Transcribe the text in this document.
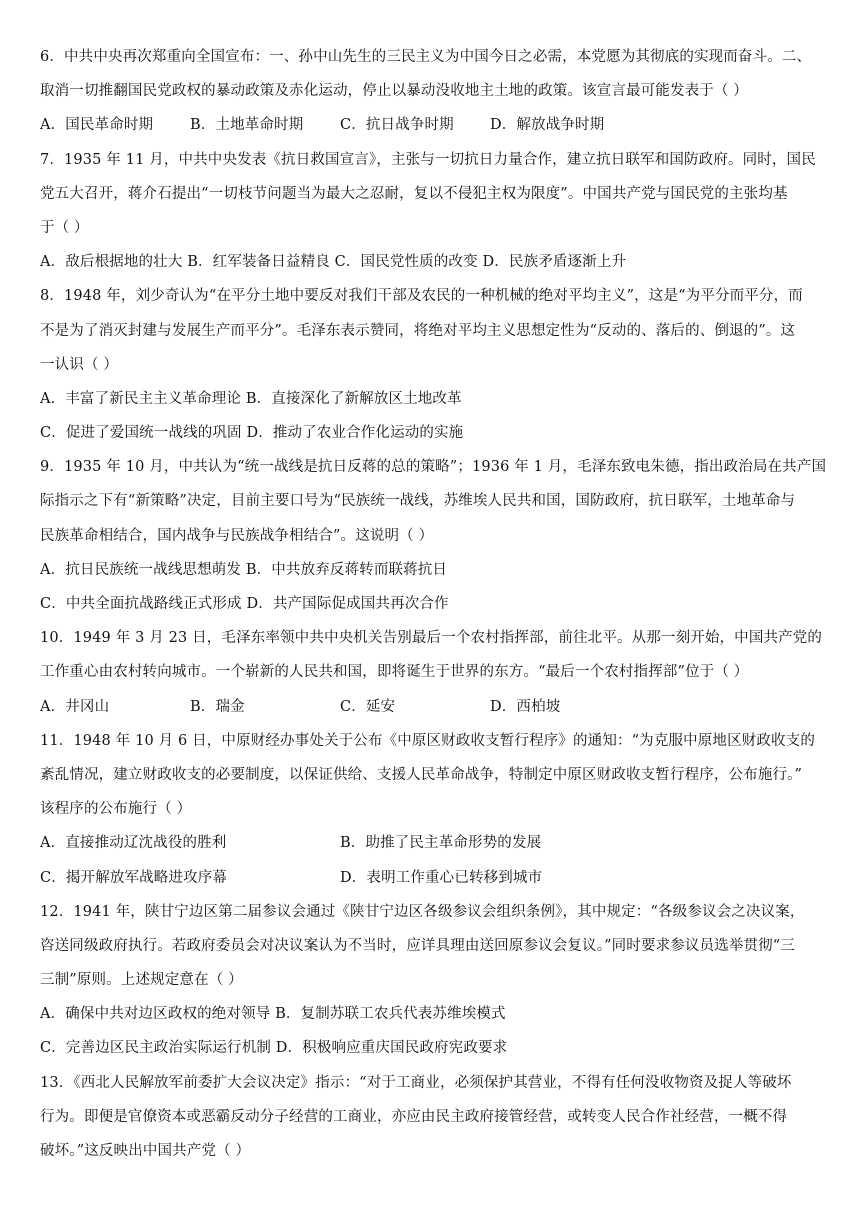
6．中共中央再次郑重向全国宣布：一、孙中山先生的三民主义为中国今日之必需，本党愿为其彻底的实现而奋斗。二、
取消一切推翻国民党政权的暴动政策及赤化运动，停止以暴动没收地主土地的政策。该宣言最可能发表于（ ）
A．国民革命时期	B．土地革命时期	C．抗日战争时期	D．解放战争时期
7．1935 年 11 月，中共中央发表《抗日救国宣言》，主张与一切抗日力量合作，建立抗日联军和国防政府。同时，国民
党五大召开，蒋介石提出“一切枝节问题当为最大之忍耐，复以不侵犯主权为限度”。中国共产党与国民党的主张均基
于（ ）
A．敌后根据地的壮大 B．红军装备日益精良 C．国民党性质的改变 D．民族矛盾逐渐上升
8．1948 年，刘少奇认为“在平分土地中要反对我们干部及农民的一种机械的绝对平均主义”，这是“为平分而平分，而
不是为了消灭封建与发展生产而平分”。毛泽东表示赞同，将绝对平均主义思想定性为“反动的、落后的、倒退的”。这
一认识（ ）
A．丰富了新民主主义革命理论 B．直接深化了新解放区土地改革
C．促进了爱国统一战线的巩固 D．推动了农业合作化运动的实施
9．1935 年 10 月，中共认为“统一战线是抗日反蒋的总的策略”；1936 年 1 月，毛泽东致电朱德，指出政治局在共产国
际指示之下有“新策略”决定，目前主要口号为“民族统一战线，苏维埃人民共和国，国防政府，抗日联军，土地革命与
民族革命相结合，国内战争与民族战争相结合”。这说明（ ）
A．抗日民族统一战线思想萌发 B．中共放弃反蒋转而联蒋抗日
C．中共全面抗战路线正式形成 D．共产国际促成国共再次合作
10．1949 年 3 月 23 日，毛泽东率领中共中央机关告别最后一个农村指挥部，前往北平。从那一刻开始，中国共产党的
工作重心由农村转向城市。一个崭新的人民共和国，即将诞生于世界的东方。“最后一个农村指挥部”位于（ ）
A．井冈山	B．瑞金	C．延安	D．西柏坡
11．1948 年 10 月 6 日，中原财经办事处关于公布《中原区财政收支暂行程序》的通知：“为克服中原地区财政收支的
紊乱情况，建立财政收支的必要制度，以保证供给、支援人民革命战争，特制定中原区财政收支暂行程序，公布施行。”
该程序的公布施行（ ）
A．直接推动辽沈战役的胜利	B．助推了民主革命形势的发展
C．揭开解放军战略进攻序幕	D．表明工作重心已转移到城市
12．1941 年，陕甘宁边区第二届参议会通过《陕甘宁边区各级参议会组织条例》，其中规定：“各级参议会之决议案，
咨送同级政府执行。若政府委员会对决议案认为不当时，应详具理由送回原参议会复议。”同时要求参议员选举贯彻“三
三制”原则。上述规定意在（ ）
A．确保中共对边区政权的绝对领导 B．复制苏联工农兵代表苏维埃模式
C．完善边区民主政治实际运行机制 D．积极响应重庆国民政府宪政要求
13．《西北人民解放军前委扩大会议决定》指示：“对于工商业，必须保护其营业，不得有任何没收物资及捉人等破坏
行为。即便是官僚资本或恶霸反动分子经营的工商业，亦应由民主政府接管经营，或转变人民合作社经营，一概不得
破坏。”这反映出中国共产党（ ）
